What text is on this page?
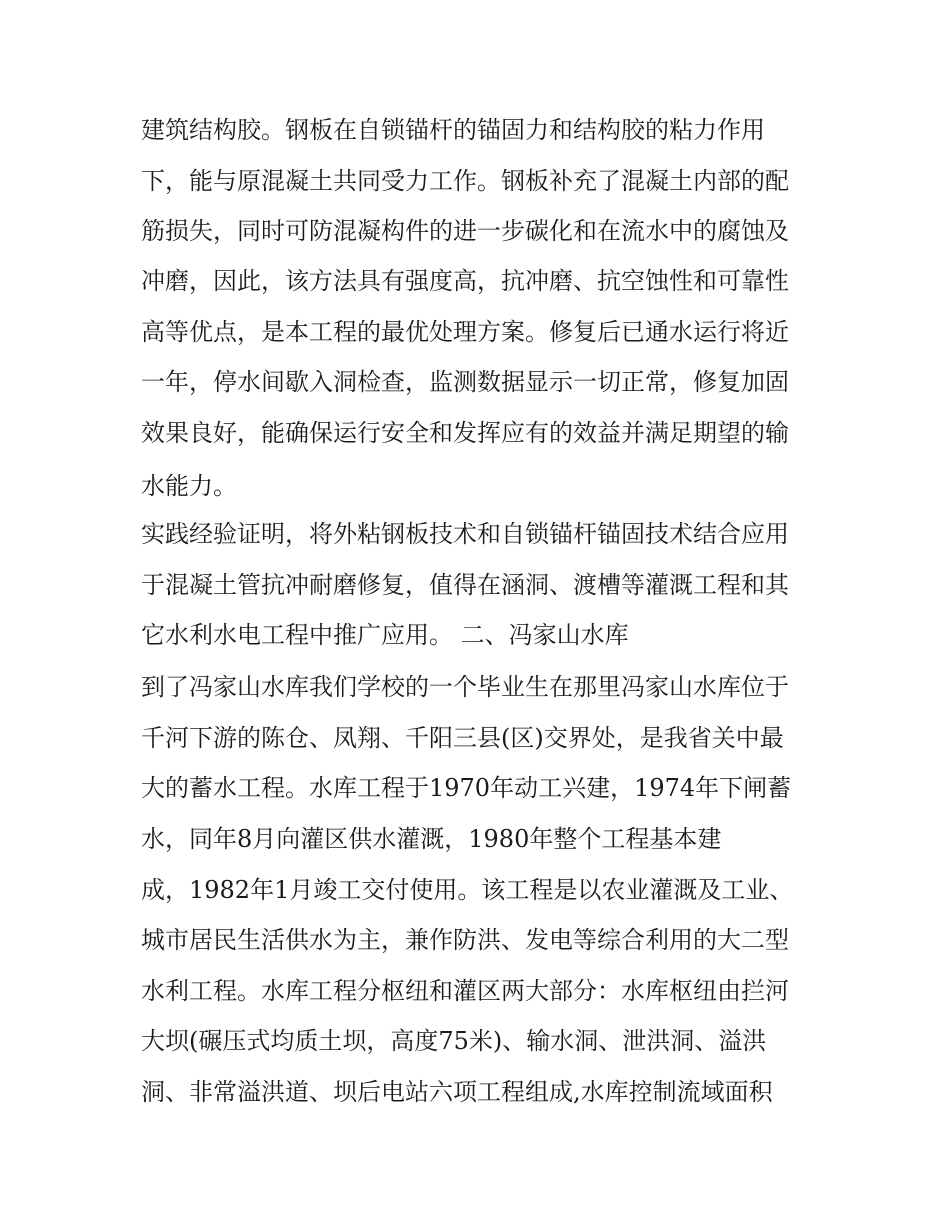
建筑结构胶。钢板在自锁锚杆的锚固力和结构胶的粘力作用
下，能与原混凝土共同受力工作。钢板补充了混凝土内部的配
筋损失，同时可防混凝构件的进一步碳化和在流水中的腐蚀及
冲磨，因此，该方法具有强度高，抗冲磨、抗空蚀性和可靠性
高等优点，是本工程的最优处理方案。修复后已通水运行将近
一年，停水间歇入洞检查，监测数据显示一切正常，修复加固
效果良好，能确保运行安全和发挥应有的效益并满足期望的输
水能力。
实践经验证明，将外粘钢板技术和自锁锚杆锚固技术结合应用
于混凝土管抗冲耐磨修复，值得在涵洞、渡槽等灌溉工程和其
它水利水电工程中推广应用。 二、冯家山水库
到了冯家山水库我们学校的一个毕业生在那里冯家山水库位于
千河下游的陈仓、凤翔、千阳三县(区)交界处，是我省关中最
大的蓄水工程。水库工程于1970年动工兴建，1974年下闸蓄
水，同年8月向灌区供水灌溉，1980年整个工程基本建
成，1982年1月竣工交付使用。该工程是以农业灌溉及工业、
城市居民生活供水为主，兼作防洪、发电等综合利用的大二型
水利工程。水库工程分枢纽和灌区两大部分：水库枢纽由拦河
大坝(碾压式均质土坝，高度75米)、输水洞、泄洪洞、溢洪
洞、非常溢洪道、坝后电站六项工程组成,水库控制流域面积
